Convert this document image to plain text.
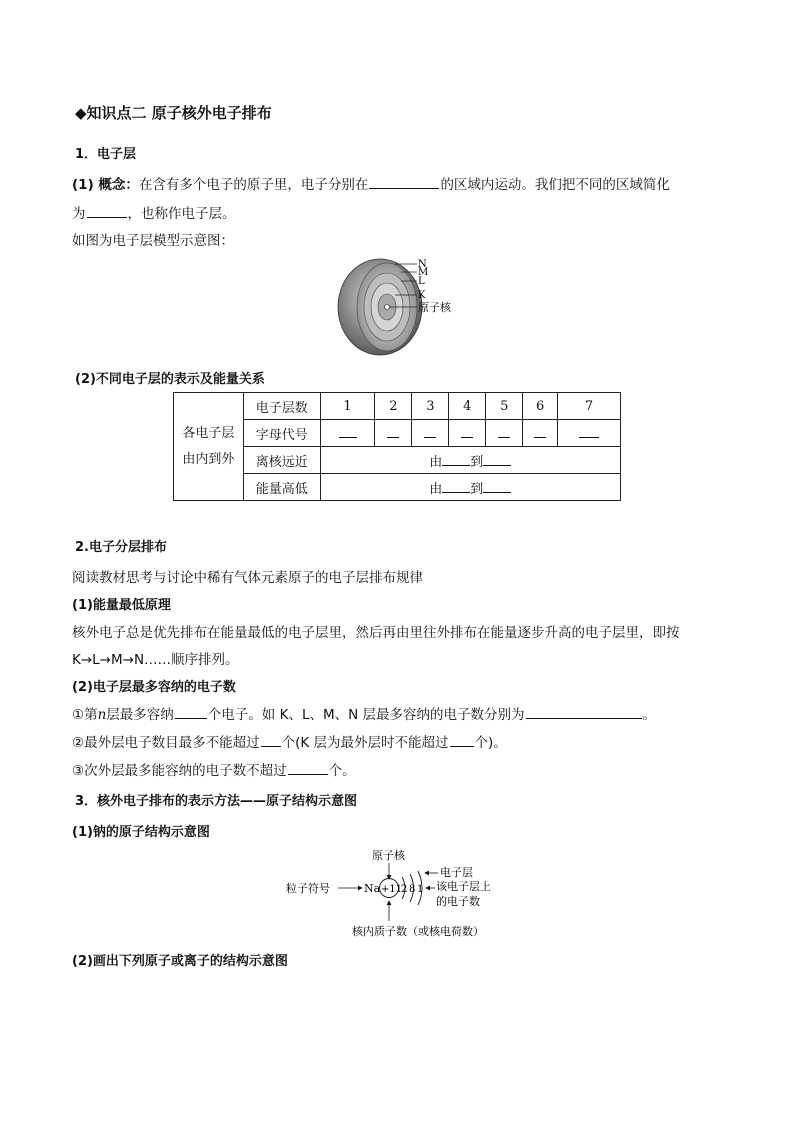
◆知识点二 原子核外电子排布
1．电子层
(1) 概念：在含有多个电子的原子里，电子分别在	的区域内运动。我们把不同的区域简化
为	，也称作电子层。
如图为电子层模型示意图：
N
M
L
K
原子核
(2)不同电子层的表示及能量关系
各电子层
由内到外	电子层数	1	2	3	4	5	6	7
	字母代号							
	离核远近	由 到						
	能量高低	由 到						
2.电子分层排布
阅读教材思考与讨论中稀有气体元素原子的电子层排布规律
(1)能量最低原理
核外电子总是优先排布在能量最低的电子层里，然后再由里往外排布在能量逐步升高的电子层里，即按
K→L→M→N……顺序排列。
(2)电子层最多容纳的电子数
①第n层最多容纳	个电子。如 K、L、M、N 层最多容纳的电子数分别为	。
②最外层电子数目最多不能超过 个(K 层为最外层时不能超过 个)。
③次外层最多能容纳的电子数不超过	个。
3．核外电子排布的表示方法——原子结构示意图
(1)钠的原子结构示意图
原子核
粒子符号	Na +11
2 8 1
电子层
该电子层上
的电子数
核内质子数（或核电荷数）
(2)画出下列原子或离子的结构示意图
